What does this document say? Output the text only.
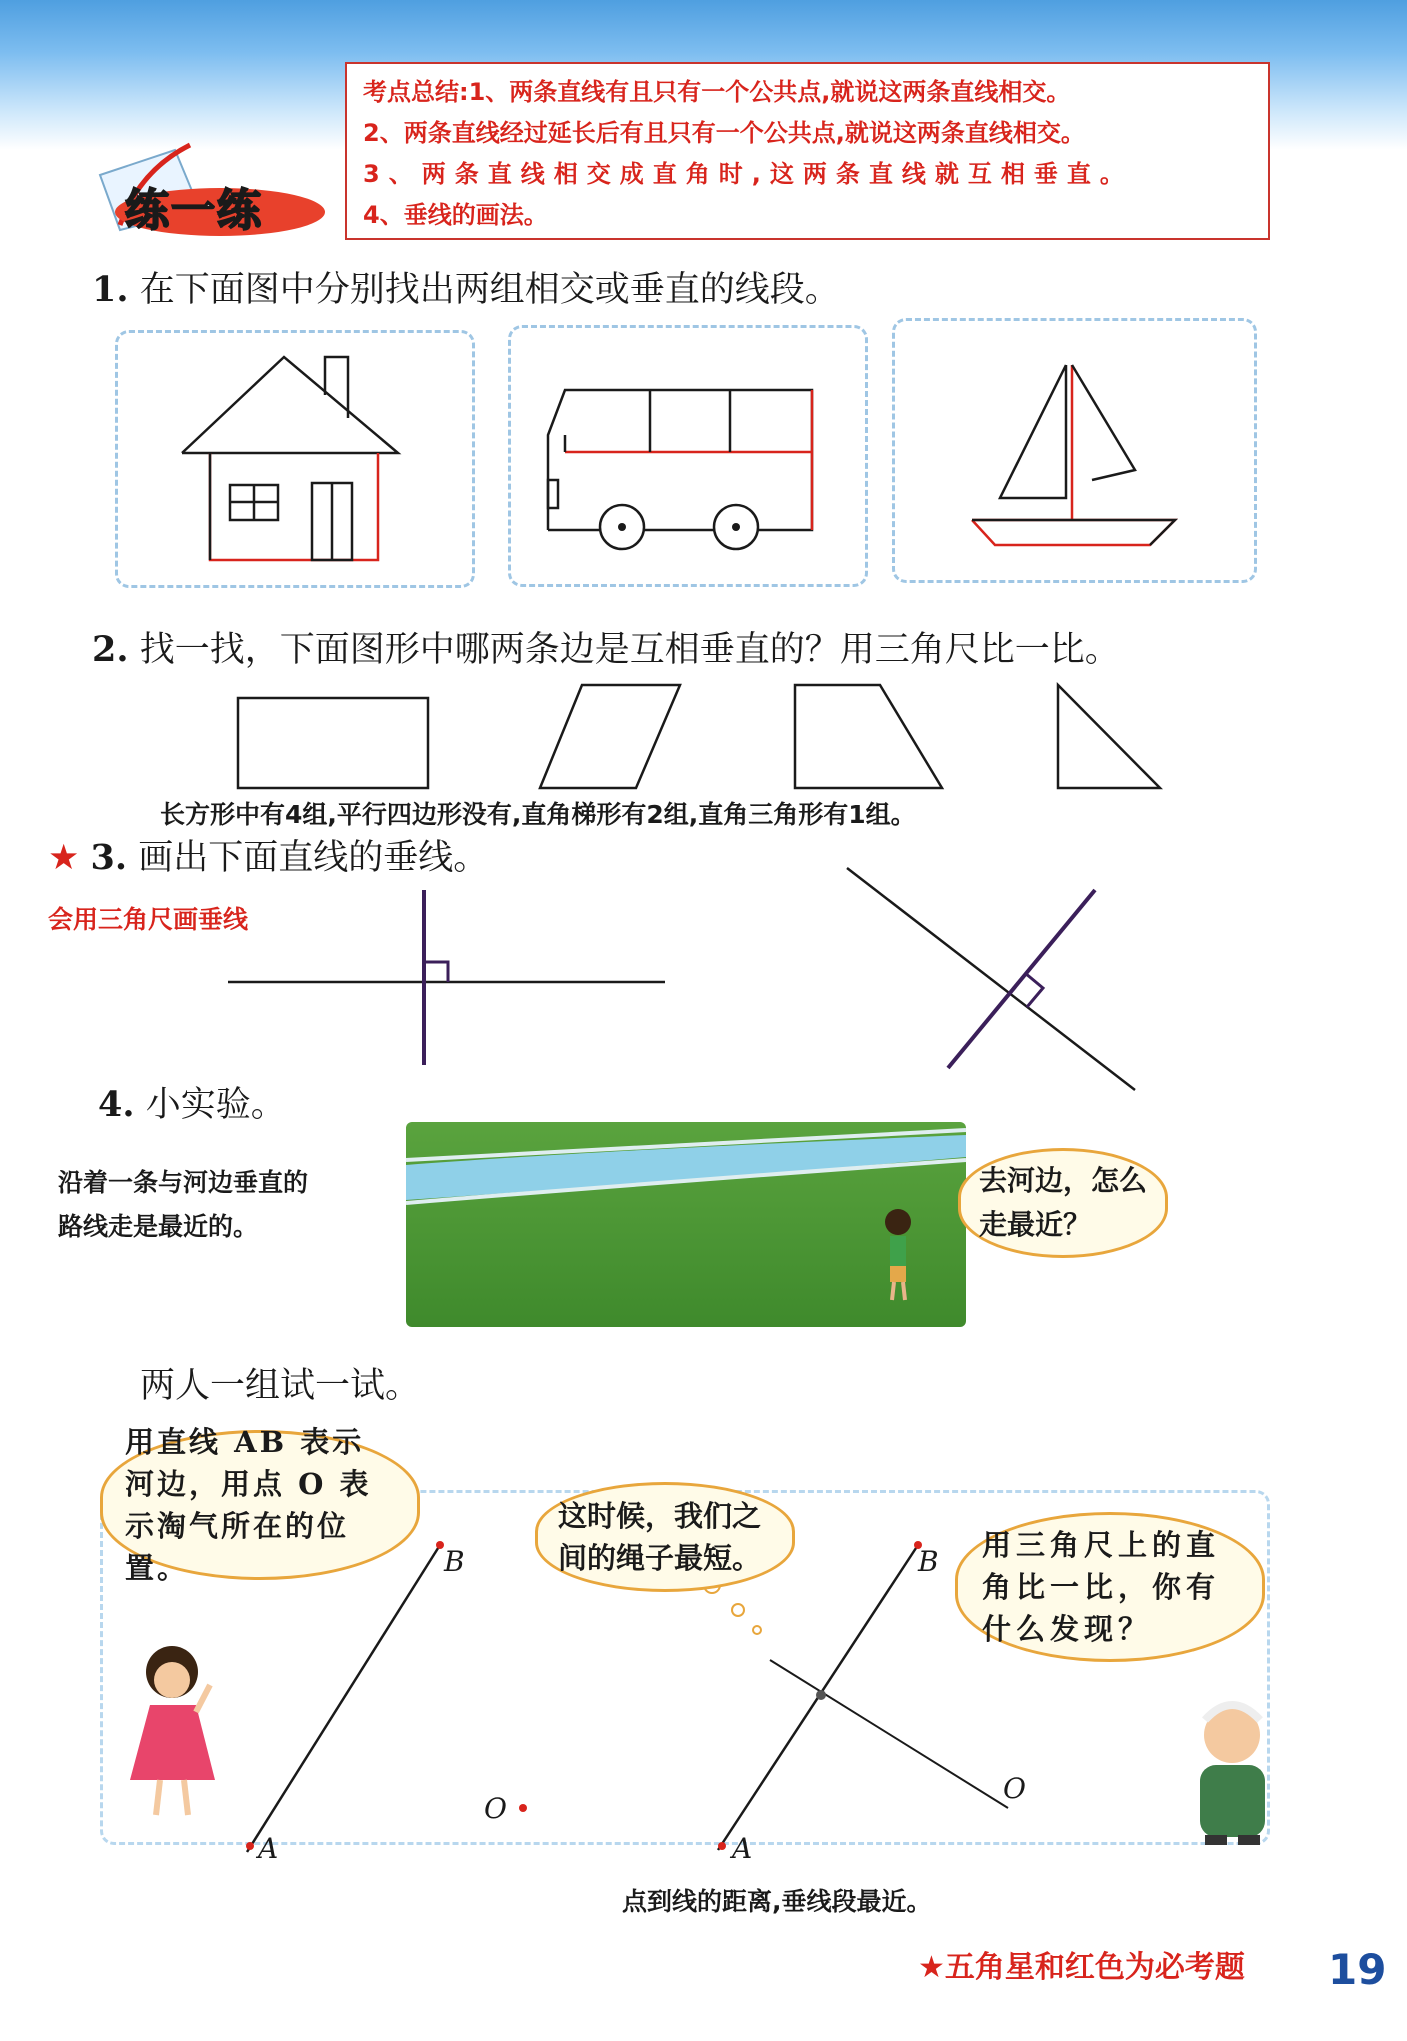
考点总结:1、两条直线有且只有一个公共点,就说这两条直线相交。
2、两条直线经过延长后有且只有一个公共点,就说这两条直线相交。
3、两条直线相交成直角时,这两条直线就互相垂直。
4、垂线的画法。
练一练
1. 在下面图中分别找出两组相交或垂直的线段。
2. 找一找，下面图形中哪两条边是互相垂直的？用三角尺比一比。
长方形中有4组,平行四边形没有,直角梯形有2组,直角三角形有1组。
★ 3. 画出下面直线的垂线。
会用三角尺画垂线
4. 小实验。
沿着一条与河边垂直的
路线走是最近的。
去河边，怎么走最近？
两人一组试一试。
用直线 AB 表示河边，用点 O 表示淘气所在的位置。
这时候，我们之间的绳子最短。	用三角尺上的直角比一比，你有什么发现？
B
A
O
B
A
O
点到线的距离,垂线段最近。
★五角星和红色为必考题 19
